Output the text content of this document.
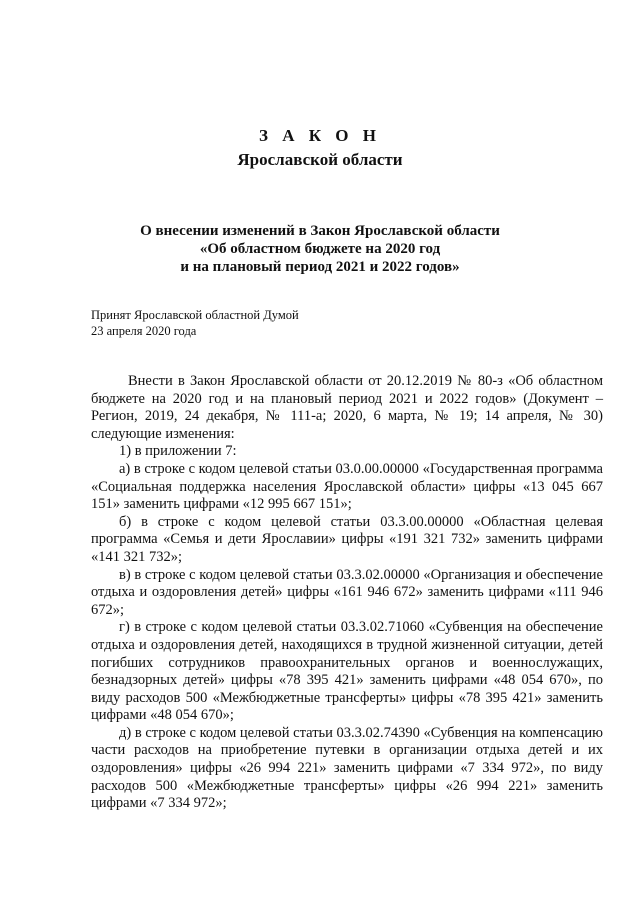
З А К О Н
Ярославской области
О внесении изменений в Закон Ярославской области
«Об областном бюджете на 2020 год
и на плановый период 2021 и 2022 годов»
Принят Ярославской областной Думой
23 апреля 2020 года

Внести в Закон Ярославской области от 20.12.2019 № 80-з «Об областном бюджете на 2020 год и на плановый период 2021 и 2022 годов» (Документ – Регион, 2019, 24 декабря, № 111-а; 2020, 6 марта, № 19; 14 апреля, № 30) следующие изменения:

1) в приложении 7:

а) в строке с кодом целевой статьи 03.0.00.00000 «Государственная программа «Социальная поддержка населения Ярославской области» цифры «13 045 667 151» заменить цифрами «12 995 667 151»;

б) в строке с кодом целевой статьи 03.3.00.00000 «Областная целевая программа «Семья и дети Ярославии» цифры «191 321 732» заменить цифрами «141 321 732»;

в) в строке с кодом целевой статьи 03.3.02.00000 «Организация и обеспечение отдыха и оздоровления детей» цифры «161 946 672» заменить цифрами «111 946 672»;

г) в строке с кодом целевой статьи 03.3.02.71060 «Субвенция на обеспечение отдыха и оздоровления детей, находящихся в трудной жизненной ситуации, детей погибших сотрудников правоохранительных органов и военнослужащих, безнадзорных детей» цифры «78 395 421» заменить цифрами «48 054 670», по виду расходов 500 «Межбюджетные трансферты» цифры «78 395 421» заменить цифрами «48 054 670»;

д) в строке с кодом целевой статьи 03.3.02.74390 «Субвенция на компенсацию части расходов на приобретение путевки в организации отдыха детей и их оздоровления» цифры «26 994 221» заменить цифрами «7 334 972», по виду расходов 500 «Межбюджетные трансферты» цифры «26 994 221» заменить цифрами «7 334 972»;
